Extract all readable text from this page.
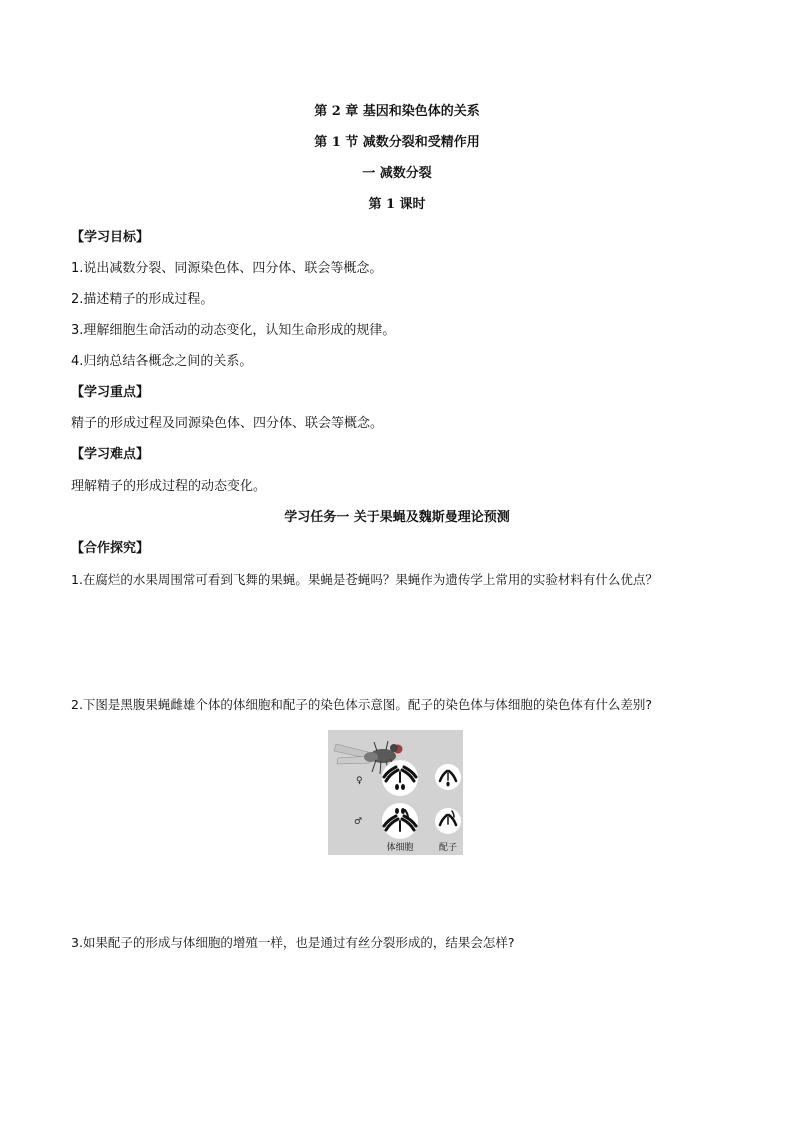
第 2 章 基因和染色体的关系
第 1 节 减数分裂和受精作用
一 减数分裂
第 1 课时
【学习目标】
1.说出减数分裂、同源染色体、四分体、联会等概念。
2.描述精子的形成过程。
3.理解细胞生命活动的动态变化，认知生命形成的规律。
4.归纳总结各概念之间的关系。
【学习重点】
精子的形成过程及同源染色体、四分体、联会等概念。
【学习难点】
理解精子的形成过程的动态变化。
学习任务一 关于果蝇及魏斯曼理论预测
【合作探究】
1.在腐烂的水果周围常可看到飞舞的果蝇。果蝇是苍蝇吗？果蝇作为遗传学上常用的实验材料有什么优点？
2.下图是黑腹果蝇雌雄个体的体细胞和配子的染色体示意图。配子的染色体与体细胞的染色体有什么差别?
♀
♂
体细胞	配子
3.如果配子的形成与体细胞的增殖一样，也是通过有丝分裂形成的，结果会怎样?
